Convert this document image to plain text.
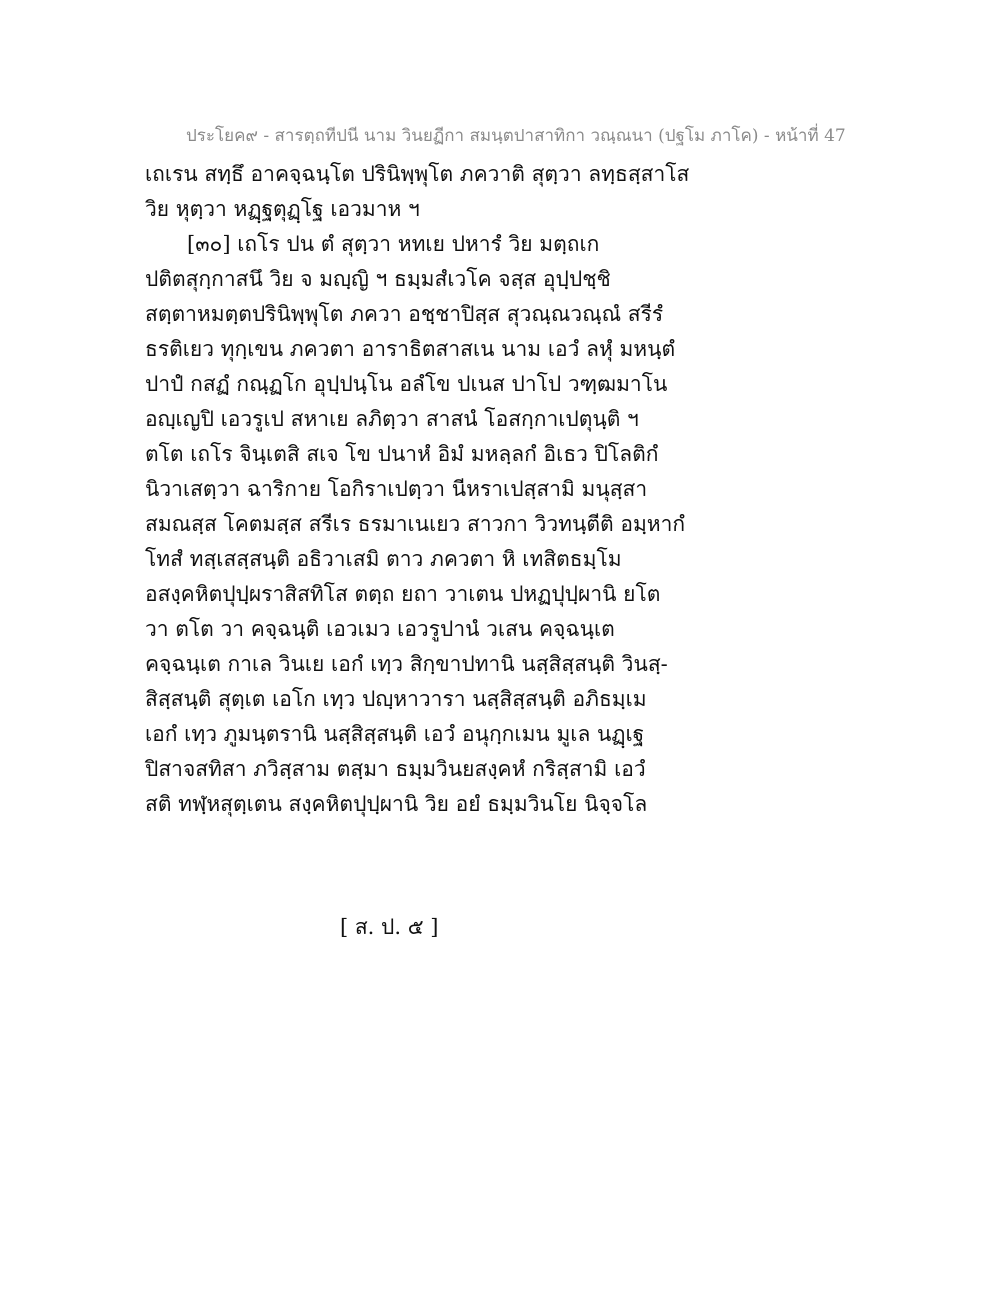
ประโยค๙ - สารตฺถทีปนี นาม วินยฏีกา สมนฺตปาสาทิกา วณฺณนา (ปฐโม ภาโค) - หน้าที่ 47
เถเรน สทฺธึ อาคจฺฉนฺโต ปรินิพฺพุโต ภควาติ สุตฺวา ลทฺธสฺสาโส
วิย หุตฺวา หฏฺฐตุฏฺโฐ เอวมาห ฯ
[๓๐] เถโร ปน ตํ สุตฺวา หทเย ปหารํ วิย มตฺถเก
ปติตสุกฺกาสนึ วิย จ มญฺญิ ฯ ธมฺมสํเวโค จสฺส อุปฺปชฺชิ
สตฺตาหมตฺตปรินิพฺพุโต ภควา อชฺชาปิสฺส สุวณฺณวณฺณํ สรีรํ
ธรติเยว ทุกฺเขน ภควตา อาราธิตสาสเน นาม เอวํ ลหุํ มหนฺตํ
ปาปํ กสฏํ กณฺฏโก อุปฺปนฺโน อลํโข ปเนส ปาโป วฑฺฒมาโน
อญฺเญปิ เอวรูเป สหาเย ลภิตฺวา สาสนํ โอสกฺกาเปตุนฺติ ฯ
ตโต เถโร จินฺเตสิ สเจ โข ปนาหํ อิมํ มหลฺลกํ อิเธว ปิโลติกํ
นิวาเสตฺวา ฉาริกาย โอกิราเปตฺวา นีหราเปสฺสามิ มนุสฺสา
สมณสฺส โคตมสฺส สรีเร ธรมาเนเยว สาวกา วิวทนฺตีติ อมฺหากํ
โทสํ ทสฺเสสฺสนฺติ อธิวาเสมิ ตาว ภควตา หิ เทสิตธมฺโม
อสงฺคหิตปุปฺผราสิสทิโส ตตฺถ ยถา วาเตน ปหฏปุปฺผานิ ยโต
วา ตโต วา คจฺฉนฺติ เอวเมว เอวรูปานํ วเสน คจฺฉนฺเต
คจฺฉนฺเต กาเล วินเย เอกํ เทฺว สิกฺขาปทานิ นสฺสิสฺสนฺติ วินสฺ-
สิสฺสนฺติ สุตฺเต เอโก เทฺว ปญฺหาวารา นสฺสิสฺสนฺติ อภิธมฺเม
เอกํ เทฺว ภูมนฺตรานิ นสฺสิสฺสนฺติ เอวํ อนุกฺกเมน มูเล นฏฺเฐ
ปิสาจสทิสา ภวิสฺสาม ตสฺมา ธมฺมวินยสงฺคหํ กริสฺสามิ เอวํ
สติ ทฬฺหสุตฺเตน สงฺคหิตปุปฺผานิ วิย อยํ ธมฺมวินโย นิจฺจโล
[ ส. ป. ๕ ]
